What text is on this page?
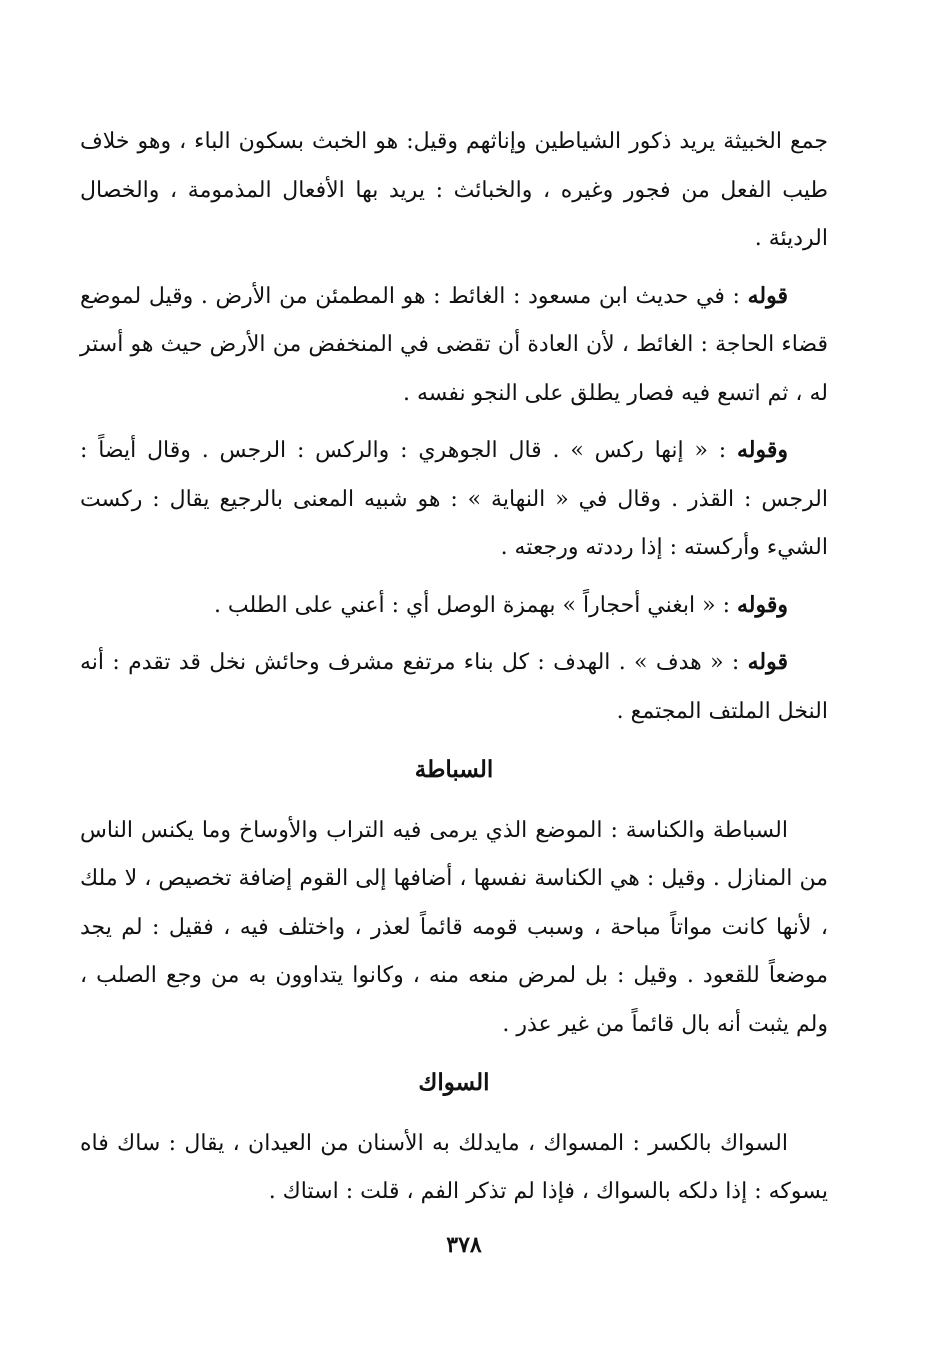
جمع الخبيثة يريد ذكور الشياطين وإناثهم وقيل: هو الخبث بسكون الباء ، وهو خلاف طيب الفعل من فجور وغيره ، والخبائث : يريد بها الأفعال المذمومة ، والخصال الرديئة .

قوله : في حديث ابن مسعود : الغائط : هو المطمئن من الأرض . وقيل لموضع قضاء الحاجة : الغائط ، لأن العادة أن تقضى في المنخفض من الأرض حيث هو أستر له ، ثم اتسع فيه فصار يطلق على النجو نفسه .

وقوله : « إنها ركس » . قال الجوهري : والركس : الرجس . وقال أيضاً : الرجس : القذر . وقال في « النهاية » : هو شبيه المعنى بالرجيع يقال : ركست الشيء وأركسته : إذا رددته ورجعته .

وقوله : « ابغني أحجاراً » بهمزة الوصل أي : أعني على الطلب .

قوله : « هدف » . الهدف : كل بناء مرتفع مشرف وحائش نخل قد تقدم : أنه النخل الملتف المجتمع .

السباطة

السباطة والكناسة : الموضع الذي يرمى فيه التراب والأوساخ وما يكنس الناس من المنازل . وقيل : هي الكناسة نفسها ، أضافها إلى القوم إضافة تخصيص ، لا ملك ، لأنها كانت مواتاً مباحة ، وسبب قومه قائماً لعذر ، واختلف فيه ، فقيل : لم يجد موضعاً للقعود . وقيل : بل لمرض منعه منه ، وكانوا يتداوون به من وجع الصلب ، ولم يثبت أنه بال قائماً من غير عذر .

السواك

السواك بالكسر : المسواك ، مايدلك به الأسنان من العيدان ، يقال : ساك فاه يسوكه : إذا دلكه بالسواك ، فإذا لم تذكر الفم ، قلت : استاك .

٣٧٨
